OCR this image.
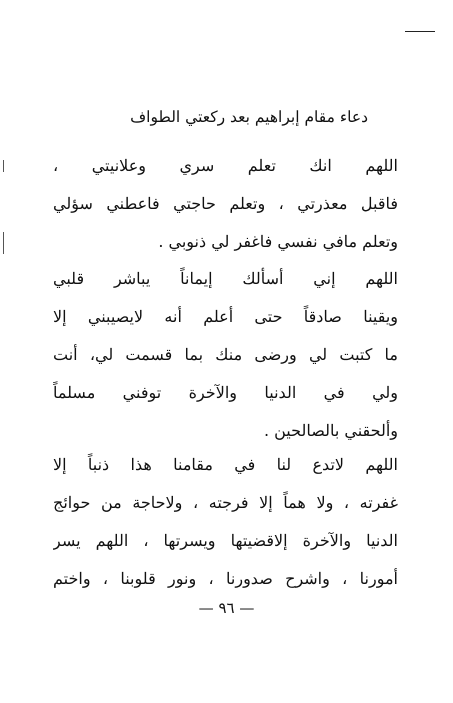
دعاء مقام إبراهيم بعد ركعتي الطواف
اللهم انك تعلم سري وعلانيتي ،
فاقبل معذرتي ، وتعلم حاجتي فاعطني سؤلي
وتعلم مافي نفسي فاغفر لي ذنوبي .
اللهم إني أسألك إيماناً يباشر قلبي
ويقينا صادقاً حتى أعلم أنه لايصيبني إلا
ما كتبت لي ورضى منك بما قسمت لي، أنت
ولي في الدنيا والآخرة توفني مسلماً
وألحقني بالصالحين .
اللهم لاتدع لنا في مقامنا هذا ذنباً إلا
غفرته ، ولا هماً إلا فرجته ، ولاحاجة من حوائج
الدنيا والآخرة إلاقضيتها ويسرتها ، اللهم يسر
أمورنا ، واشرح صدورنا ، ونور قلوبنا ، واختم
— ٩٦ —
